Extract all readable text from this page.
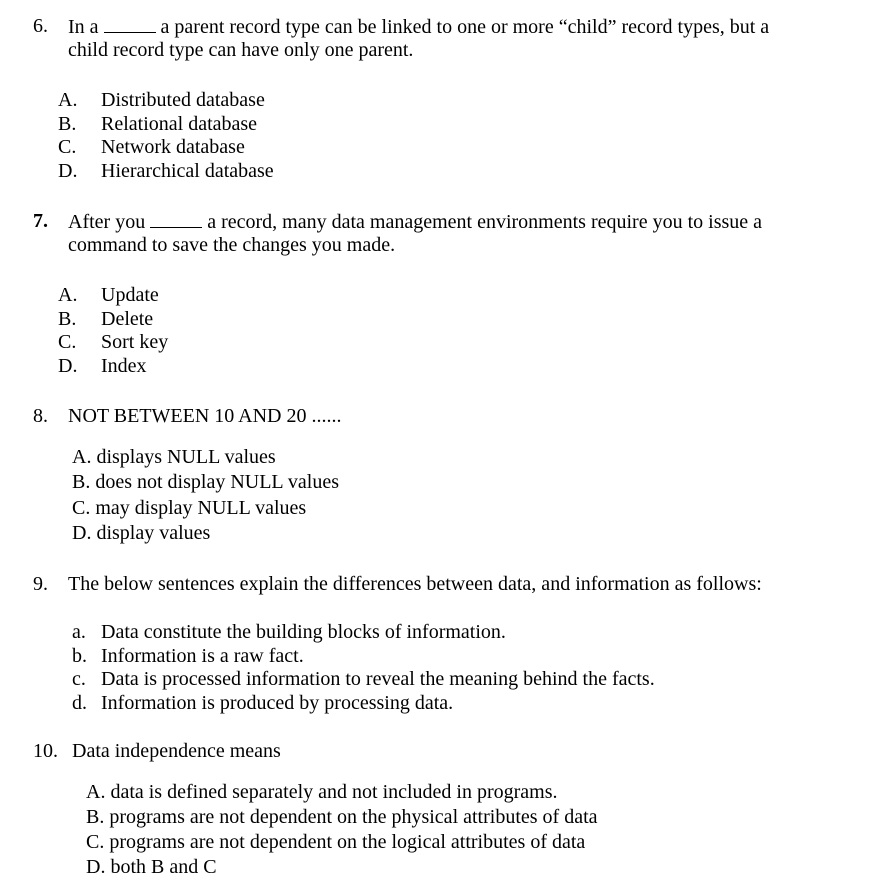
6. In a	a parent record type can be linked to one or more “child” record types, but a
child record type can have only one parent.
A. Distributed database
B. Relational database
C. Network database
D. Hierarchical database
7. After you	a record, many data management environments require you to issue a
command to save the changes you made.
A. Update
B. Delete
C. Sort key
D. Index
8. NOT BETWEEN 10 AND 20 ......
A. displays NULL values
B. does not display NULL values
C. may display NULL values
D. display values
9. The below sentences explain the differences between data, and information as follows:
a. Data constitute the building blocks of information.
b. Information is a raw fact.
c. Data is processed information to reveal the meaning behind the facts.
d. Information is produced by processing data.
10. Data independence means
A. data is defined separately and not included in programs.
B. programs are not dependent on the physical attributes of data
C. programs are not dependent on the logical attributes of data
D. both B and C
